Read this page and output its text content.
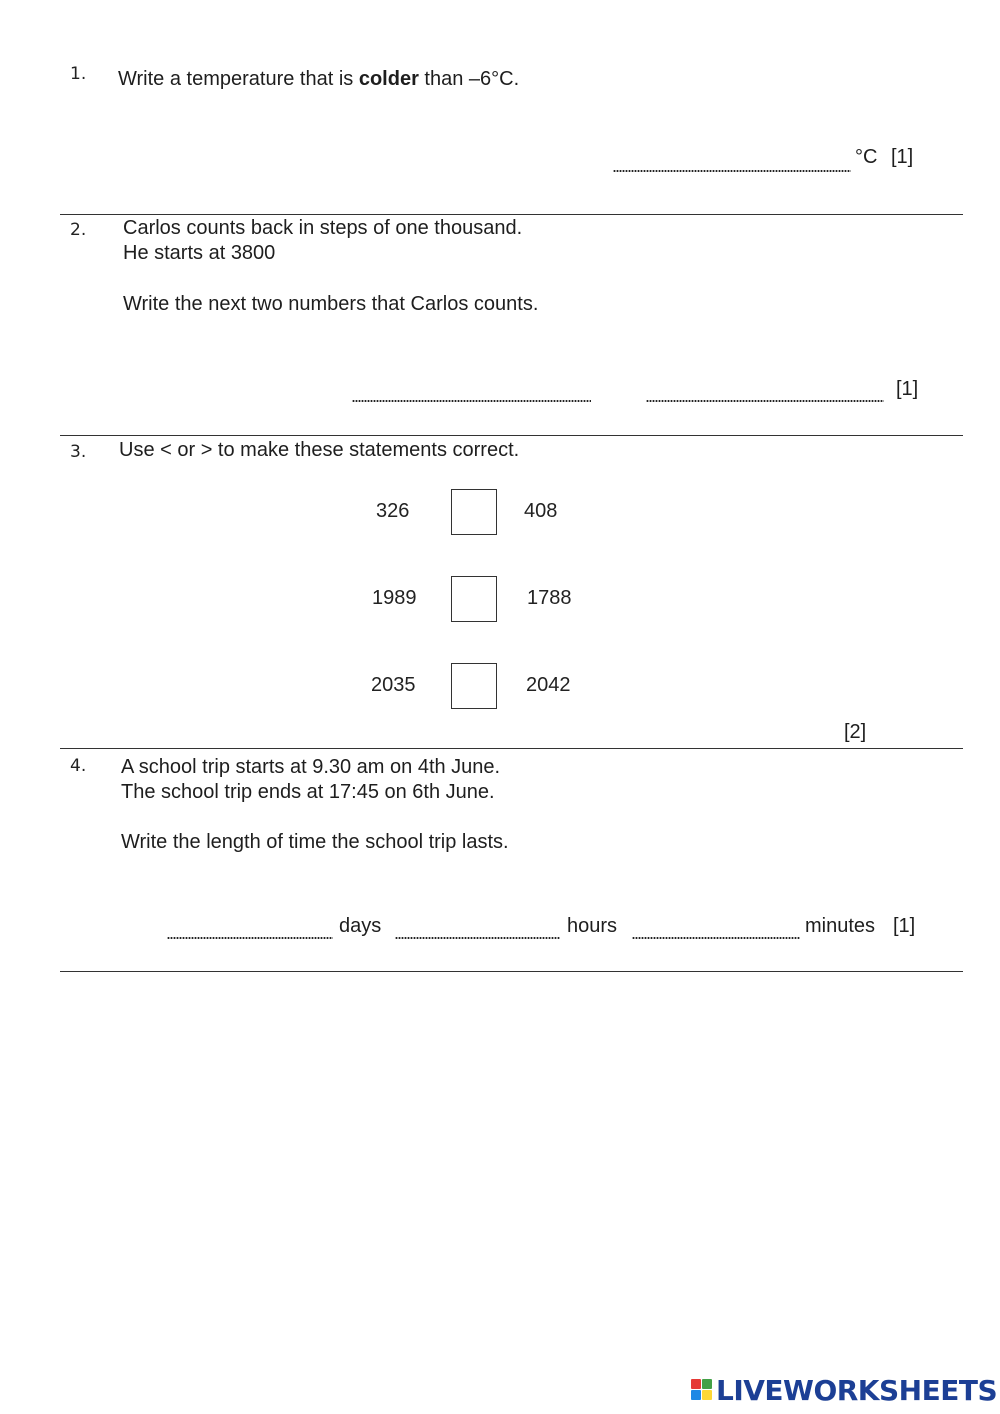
1. Write a temperature that is colder than –6°C.
°C [1]
2. Carlos counts back in steps of one thousand.
He starts at 3800
Write the next two numbers that Carlos counts.
[1]
3. Use < or > to make these statements correct.
326	408
1989	1788
2035	2042
[2]
4. A school trip starts at 9.30 am on 4th June.
The school trip ends at 17:45 on 6th June.
Write the length of time the school trip lasts.
days	hours	minutes [1]
LIVEWORKSHEETS
